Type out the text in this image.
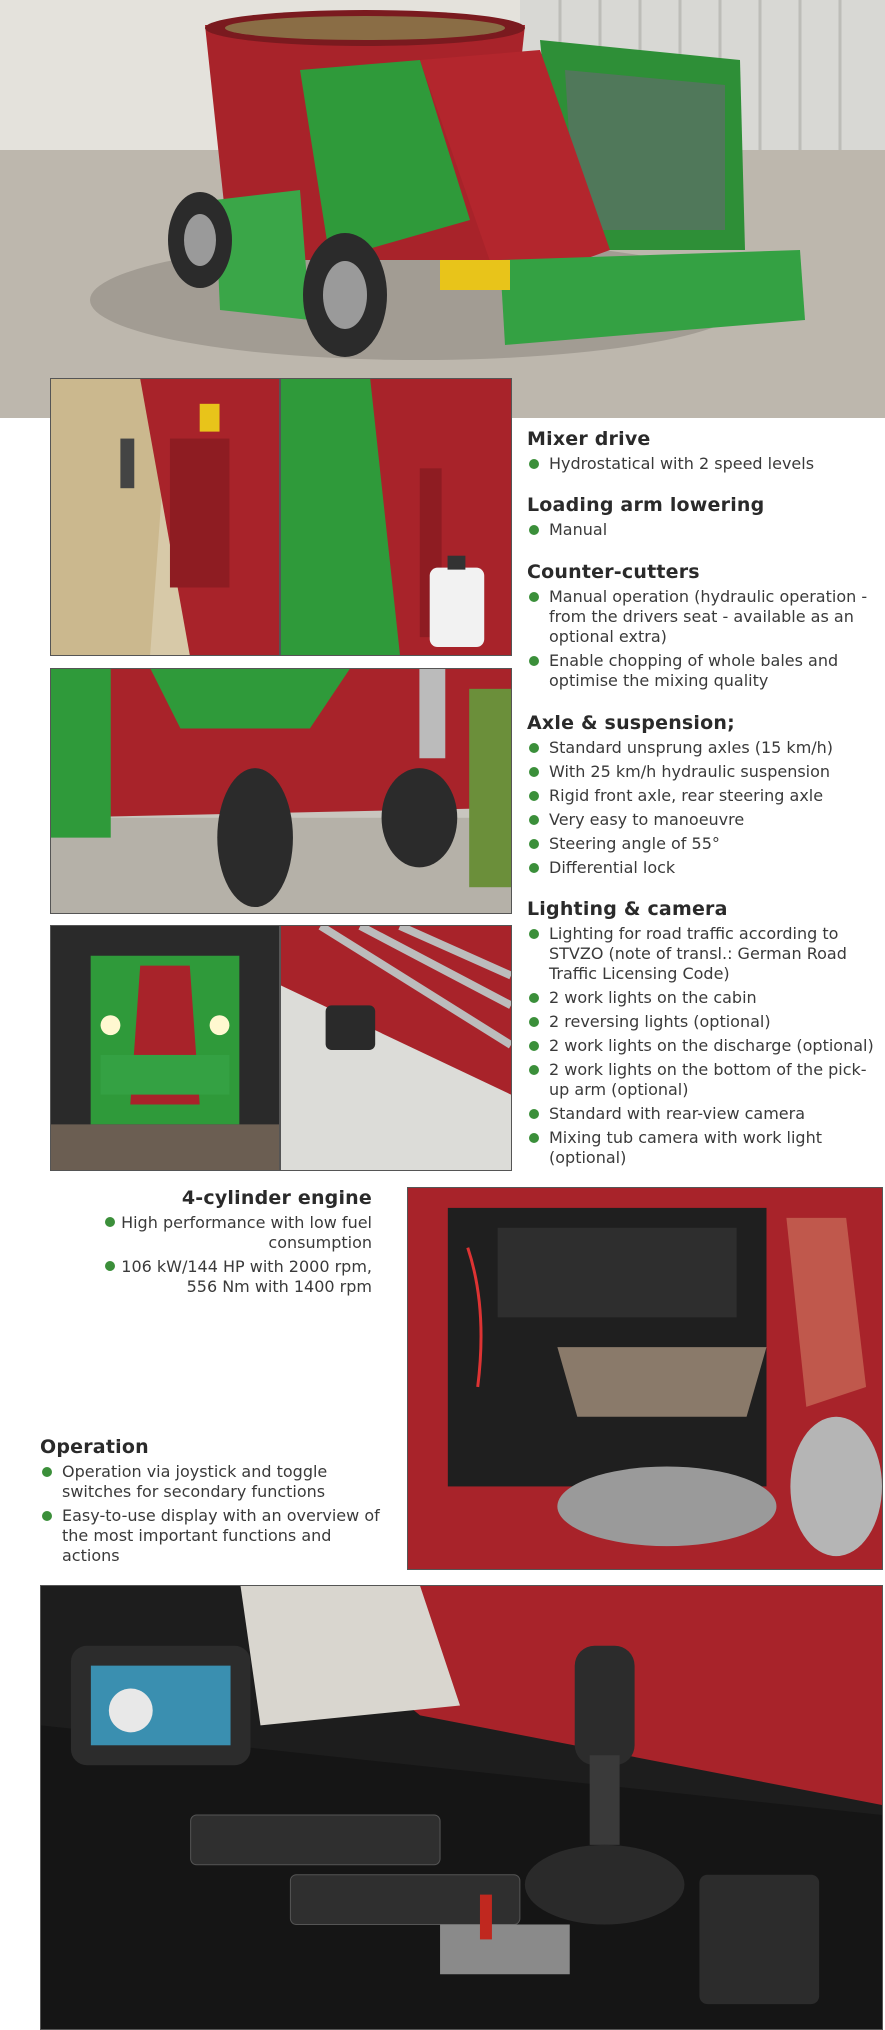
Mixer drive
Hydrostatical with 2 speed levels
Loading arm lowering
Manual
Counter-cutters
Manual operation (hydraulic operation - from the drivers seat - available as an optional extra)
Enable chopping of whole bales and optimise the mixing quality
Axle & suspension;
Standard unsprung axles (15 km/h)
With 25 km/h hydraulic suspension
Rigid front axle, rear steering axle
Very easy to manoeuvre
Steering angle of 55°
Differential lock
Lighting & camera
Lighting for road traffic according to STVZO (note of transl.: German Road Traffic Licensing Code)
2 work lights on the cabin
2 reversing lights (optional)
2 work lights on the discharge (optional)
2 work lights on the bottom of the pick-up arm (optional)
Standard with rear-view camera
Mixing tub camera with work light (optional)
4-cylinder engine
High performance with low fuel consumption
106 kW/144 HP with 2000 rpm, 556 Nm with 1400 rpm
Operation
Operation via joystick and toggle switches for secondary functions
Easy-to-use display with an overview of the most important functions and actions
